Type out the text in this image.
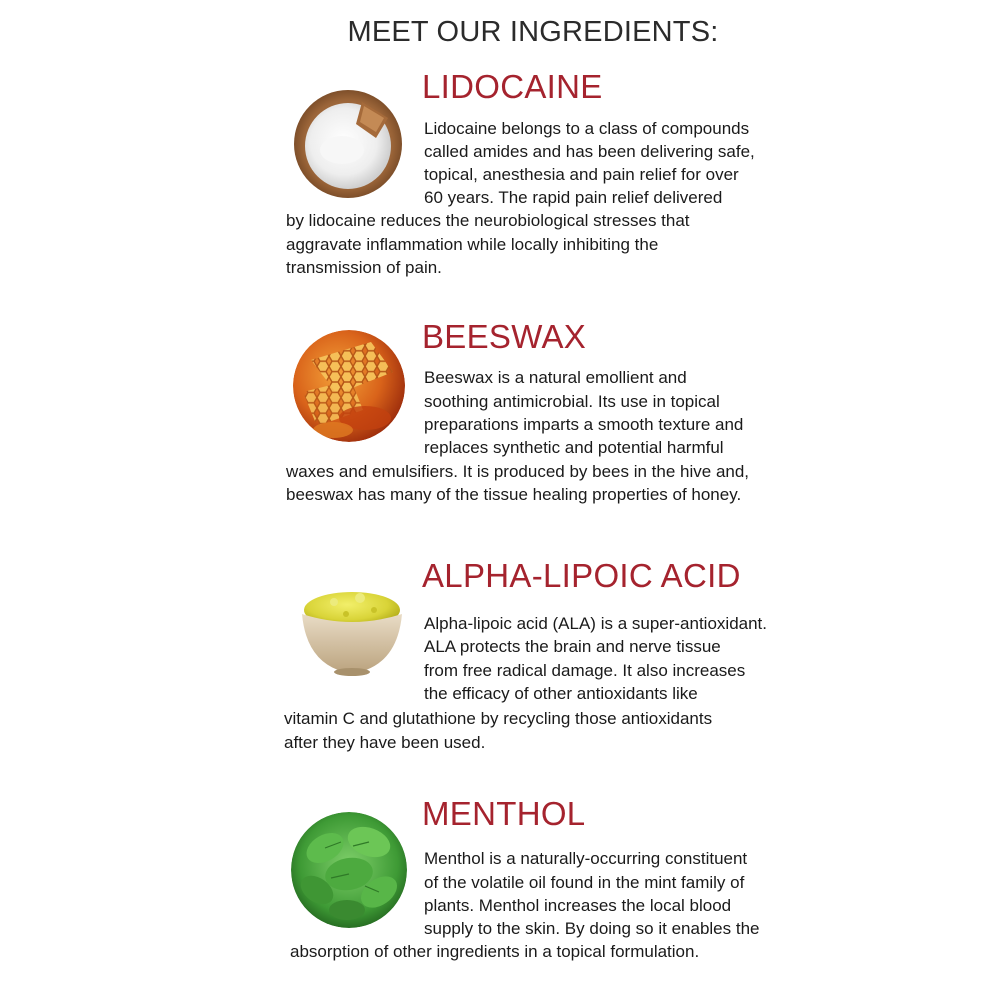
MEET OUR INGREDIENTS:
LIDOCAINE
Lidocaine belongs to a class of compounds
called amides and has been delivering safe,
topical, anesthesia and pain relief for over
60 years. The rapid pain relief delivered
by lidocaine reduces the neurobiological stresses that
aggravate inflammation while locally inhibiting the
transmission of pain.
BEESWAX
Beeswax is a natural emollient and
soothing antimicrobial. Its use in topical
preparations imparts a smooth texture and
replaces synthetic and potential harmful
waxes and emulsifiers. It is produced by bees in the hive and,
beeswax has many of the tissue healing properties of honey.
ALPHA-LIPOIC ACID
Alpha-lipoic acid (ALA) is a super-antioxidant.
ALA protects the brain and nerve tissue
from free radical damage. It also increases
the efficacy of other antioxidants like
vitamin C and glutathione by recycling those antioxidants
after they have been used.
MENTHOL
Menthol is a naturally-occurring constituent
of the volatile oil found in the mint family of
plants. Menthol increases the local blood
supply to the skin. By doing so it enables the
absorption of other ingredients in a topical formulation.
